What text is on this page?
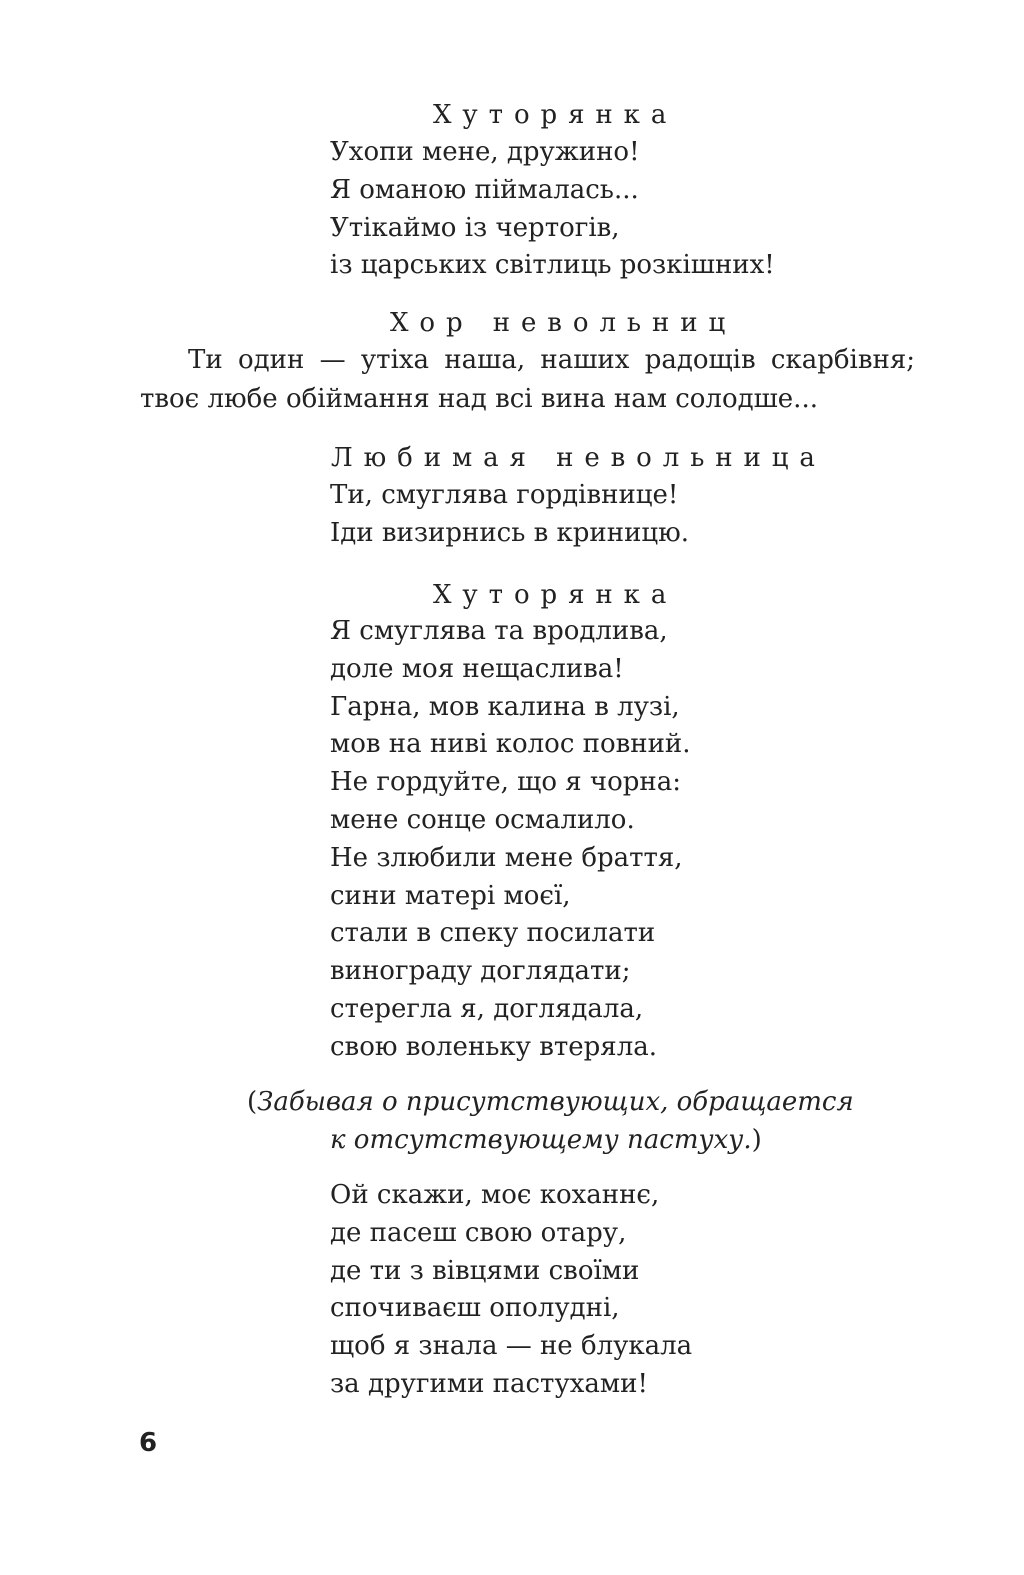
Хуторянка
Ухопи мене, дружино!
Я оманою піймалась...
Утікаймо із чертогів,
із царських світлиць розкішних!
Хор невольниц

Ти один — утіха наша, наших радощів скарбівня; твоє любе обіймання над всі вина нам солодше...

Любимая невольница
Ти, смуглява гордівнице!
Іди визирнись в криницю.
Хуторянка
Я смуглява та вродлива,
доле моя нещаслива!
Гарна, мов калина в лузі,
мов на ниві колос повний.
Не гордуйте, що я чорна:
мене сонце осмалило.
Не злюбили мене браття,
сини матері моєї,
стали в спеку посилати
винограду доглядати;
стерегла я, доглядала,
свою воленьку втеряла.
(Забывая о присутствующих, обращается
к отсутствующему пастуху.)
Ой скажи, моє коханнє,
де пасеш свою отару,
де ти з вівцями своїми
спочиваєш ополудні,
щоб я знала — не блукала
за другими пастухами!
6
